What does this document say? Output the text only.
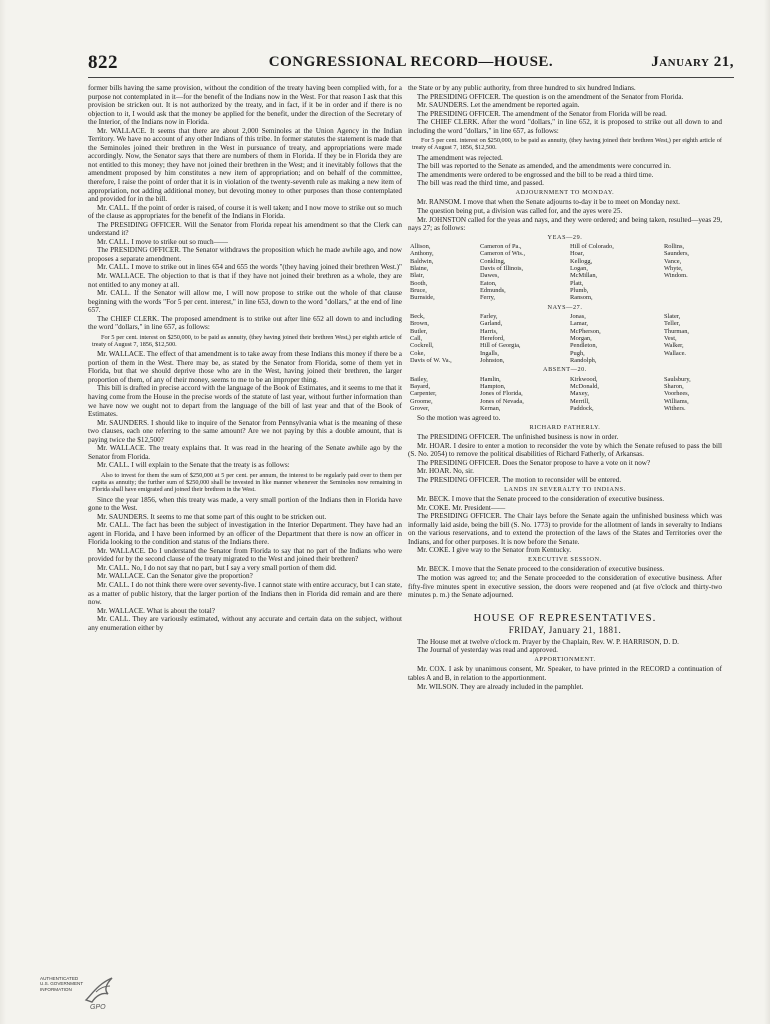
822	CONGRESSIONAL RECORD—HOUSE.	January 21,

former bills having the same provision, without the condition of the treaty having been complied with, for a purpose not contemplated in it—for the benefit of the Indians now in the West. For that reason I ask that this provision be stricken out. It is not authorized by the treaty, and in fact, if it be in order and if there is no objection to it, I would ask that the money be applied for the benefit, under the direction of the Secretary of the Interior, of the Indians now in Florida.

Mr. WALLACE. It seems that there are about 2,000 Seminoles at the Union Agency in the Indian Territory. We have no account of any other Indians of this tribe. In former statutes the statement is made that the Seminoles joined their brethren in the West in pursuance of treaty, and appropriations were made accordingly. Now, the Senator says that there are numbers of them in Florida. If they be in Florida they are not entitled to this money; they have not joined their brethren in the West; and it inevitably follows that the amendment proposed by him constitutes a new item of appropriation; and on behalf of the committee, therefore, I raise the point of order that it is in violation of the twenty-seventh rule as making a new item of appropriation, not adding additional money, but devoting money to other purposes than those contemplated and provided for in the bill.

Mr. CALL. If the point of order is raised, of course it is well taken; and I now move to strike out so much of the clause as appropriates for the benefit of the Indians in Florida.

The PRESIDING OFFICER. Will the Senator from Florida repeat his amendment so that the Clerk can understand it?

Mr. CALL. I move to strike out so much——

The PRESIDING OFFICER. The Senator withdraws the proposition which he made awhile ago, and now proposes a separate amendment.

Mr. CALL. I move to strike out in lines 654 and 655 the words "(they having joined their brethren West.)"

Mr. WALLACE. The objection to that is that if they have not joined their brethren as a whole, they are not entitled to any money at all.

Mr. CALL. If the Senator will allow me, I will now propose to strike out the whole of that clause beginning with the words "For 5 per cent. interest," in line 653, down to the word "dollars," at the end of line 657.

The CHIEF CLERK. The proposed amendment is to strike out after line 652 all down to and including the word "dollars," in line 657, as follows:

For 5 per cent. interest on $250,000, to be paid as annuity, (they having joined their brethren West,) per eighth article of treaty of August 7, 1856, $12,500.

Mr. WALLACE. The effect of that amendment is to take away from these Indians this money if there be a portion of them in the West. There may be, as stated by the Senator from Florida, some of them yet in Florida, but that we should deprive those who are in the West, having joined their brethren, the larger proportion of them, of any of their money, seems to me to be an improper thing.

This bill is drafted in precise accord with the language of the Book of Estimates, and it seems to me that it having come from the House in the precise words of the statute of last year, without further information than we have now we ought not to depart from the language of the bill of last year and that of the Book of Estimates.

Mr. SAUNDERS. I should like to inquire of the Senator from Pennsylvania what is the meaning of these two clauses, each one referring to the same amount? Are we not paying by this a double amount, that is paying twice the $12,500?

Mr. WALLACE. The treaty explains that. It was read in the hearing of the Senate awhile ago by the Senator from Florida.

Mr. CALL. I will explain to the Senate that the treaty is as follows:

Also to invest for them the sum of $250,000 at 5 per cent. per annum, the interest to be regularly paid over to them per capita as annuity; the further sum of $250,000 shall be invested in like manner whenever the Seminoles now remaining in Florida shall have emigrated and joined their brethren in the West.

Since the year 1856, when this treaty was made, a very small portion of the Indians then in Florida have gone to the West.

Mr. SAUNDERS. It seems to me that some part of this ought to be stricken out.

Mr. CALL. The fact has been the subject of investigation in the Interior Department. They have had an agent in Florida, and I have been informed by an officer of the Department that there is now an officer in Florida looking to the condition and status of the Indians there.

Mr. WALLACE. Do I understand the Senator from Florida to say that no part of the Indians who were provided for by the second clause of the treaty migrated to the West and joined their brethren?

Mr. CALL. No, I do not say that no part, but I say a very small portion of them did.

Mr. WALLACE. Can the Senator give the proportion?

Mr. CALL. I do not think there were over seventy-five. I cannot state with entire accuracy, but I can state, as a matter of public history, that the larger portion of the Indians then in Florida did remain and are there now.

Mr. WALLACE. What is about the total?

Mr. CALL. They are variously estimated, without any accurate and certain data on the subject, without any enumeration either by

the State or by any public authority, from three hundred to six hundred Indians.

The PRESIDING OFFICER. The question is on the amendment of the Senator from Florida.

Mr. SAUNDERS. Let the amendment be reported again.

The PRESIDING OFFICER. The amendment of the Senator from Florida will be read.

The CHIEF CLERK. After the word "dollars," in line 652, it is proposed to strike out all down to and including the word "dollars," in line 657, as follows:

For 5 per cent. interest on $250,000, to be paid as annuity, (they having joined their brethren West,) per eighth article of treaty of August 7, 1856, $12,500.

The amendment was rejected.

The bill was reported to the Senate as amended, and the amendments were concurred in.

The amendments were ordered to be engrossed and the bill to be read a third time.

The bill was read the third time, and passed.

ADJOURNMENT TO MONDAY.

Mr. RANSOM. I move that when the Senate adjourns to-day it be to meet on Monday next.

The question being put, a division was called for, and the ayes were 25.

Mr. JOHNSTON called for the yeas and nays, and they were ordered; and being taken, resulted—yeas 29, nays 27; as follows:

YEAS—29.

Allison,	Cameron of Pa.,	Hill of Colorado,	Rollins,
Anthony,	Cameron of Wis.,	Hoar,	Saunders,
Baldwin,	Conkling,	Kellogg,	Vance,
Blaine,	Davis of Illinois,	Logan,	Whyte,
Blair,	Dawes,	McMillan,	Windom.
Booth,	Eaton,	Platt,
Bruce,	Edmunds,	Plumb,
Burnside,	Ferry,	Ransom,

NAYS—27.

Beck,	Farley,	Jonas,	Slater,
Brown,	Garland,	Lamar,	Teller,
Butler,	Harris,	McPherson,	Thurman,
Call,	Hereford,	Morgan,	Vest,
Cockrell,	Hill of Georgia,	Pendleton,	Walker,
Coke,	Ingalls,	Pugh,	Wallace.
Davis of W. Va.,	Johnston,	Randolph,

ABSENT—20.

Bailey,	Hamlin,	Kirkwood,	Saulsbury,
Bayard,	Hampton,	McDonald,	Sharon,
Carpenter,	Jones of Florida,	Maxey,	Voorhees,
Groome,	Jones of Nevada,	Merrill,	Williams,
Grover,	Kernan,	Paddock,	Withers.

So the motion was agreed to.

RICHARD FATHERLY.

The PRESIDING OFFICER. The unfinished business is now in order.

Mr. HOAR. I desire to enter a motion to reconsider the vote by which the Senate refused to pass the bill (S. No. 2054) to remove the political disabilities of Richard Fatherly, of Arkansas.

The PRESIDING OFFICER. Does the Senator propose to have a vote on it now?

Mr. HOAR. No, sir.

The PRESIDING OFFICER. The motion to reconsider will be entered.

LANDS IN SEVERALTY TO INDIANS.

Mr. BECK. I move that the Senate proceed to the consideration of executive business.

Mr. COKE. Mr. President——

The PRESIDING OFFICER. The Chair lays before the Senate again the unfinished business which was informally laid aside, being the bill (S. No. 1773) to provide for the allotment of lands in severalty to Indians on the various reservations, and to extend the protection of the laws of the States and Territories over the Indians, and for other purposes. It is now before the Senate.

Mr. COKE. I give way to the Senator from Kentucky.

EXECUTIVE SESSION.

Mr. BECK. I move that the Senate proceed to the consideration of executive business.

The motion was agreed to; and the Senate proceeded to the consideration of executive business. After fifty-five minutes spent in executive session, the doors were reopened and (at five o'clock and thirty-two minutes p. m.) the Senate adjourned.

HOUSE OF REPRESENTATIVES.

FRIDAY, January 21, 1881.

The House met at twelve o'clock m. Prayer by the Chaplain, Rev. W. P. HARRISON, D. D.

The Journal of yesterday was read and approved.

APPORTIONMENT.

Mr. COX. I ask by unanimous consent, Mr. Speaker, to have printed in the RECORD a continuation of tables A and B, in relation to the apportionment.

Mr. WILSON. They are already included in the pamphlet.

AUTHENTICATED
U.S. GOVERNMENT
INFORMATION
GPO
